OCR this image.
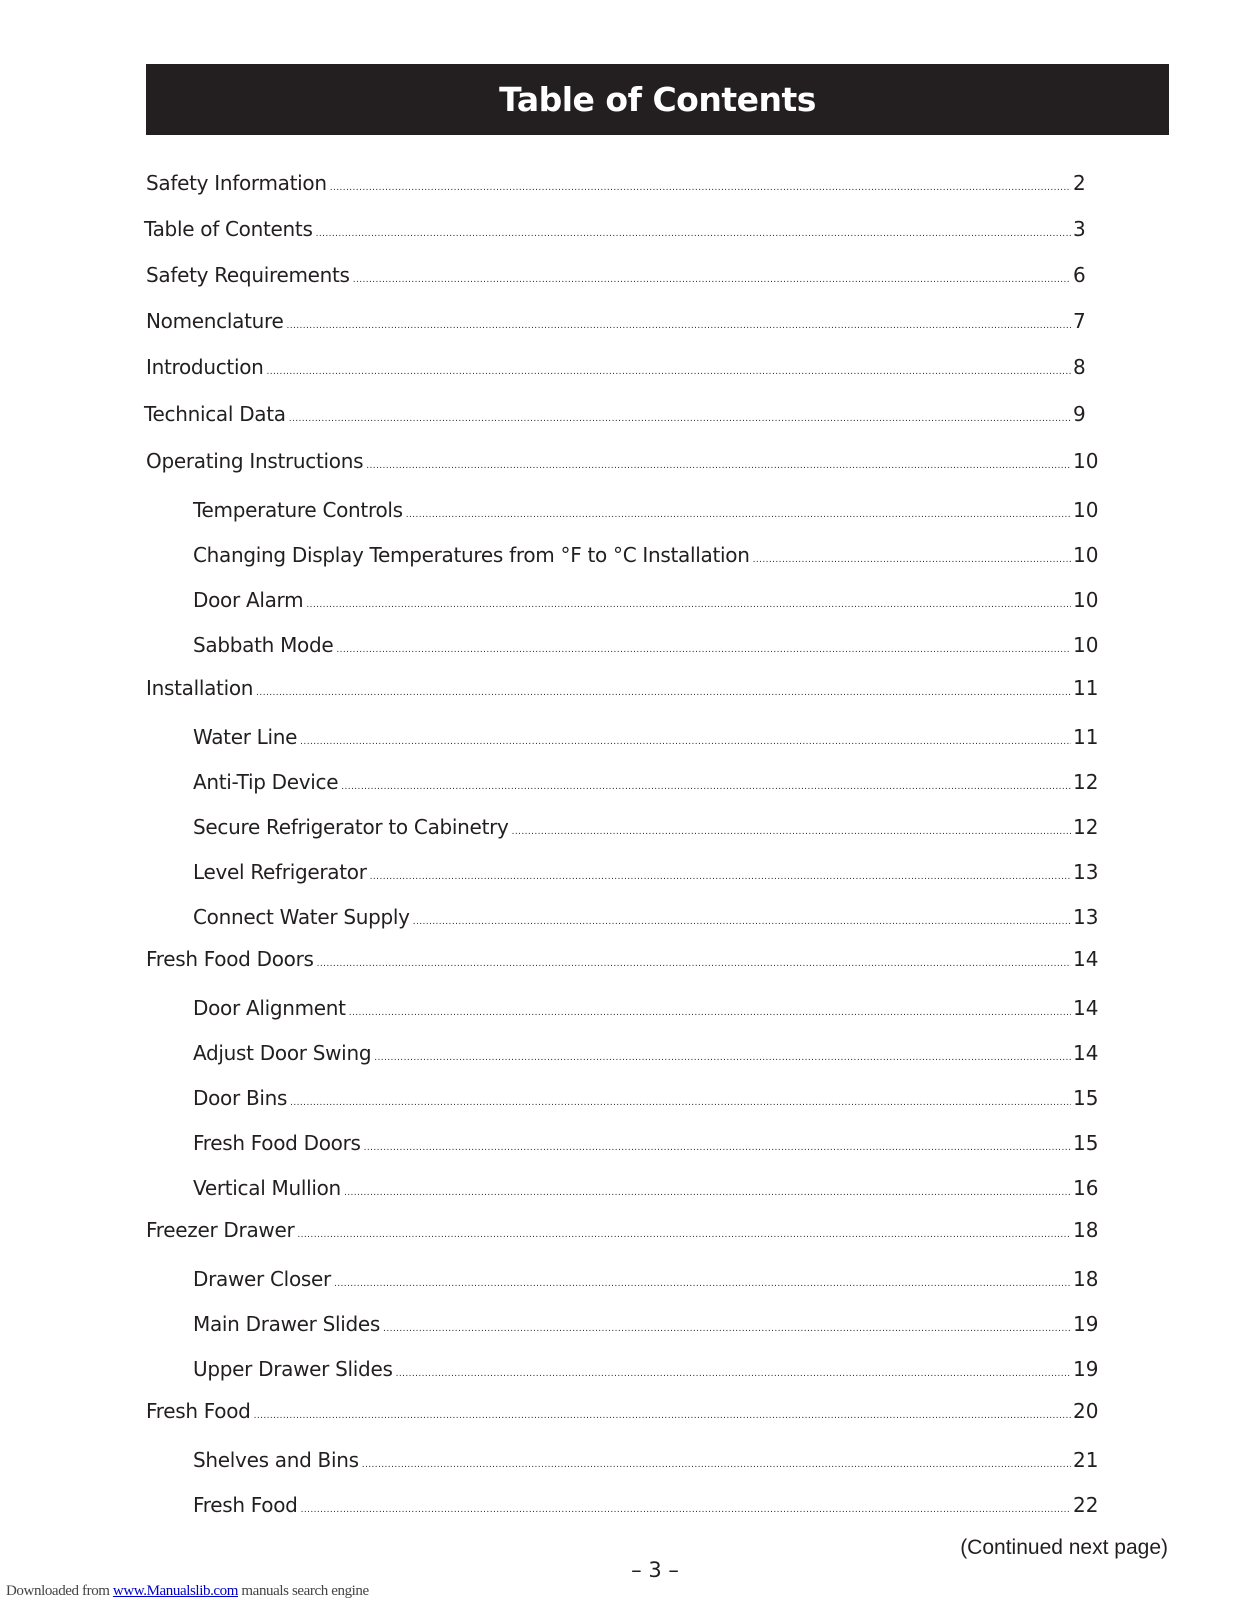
Table of Contents
Safety Information .....	2
Table of Contents .....	3
Safety Requirements .....	6
Nomenclature .....	7
Introduction .....	8
Technical Data .....	9
Operating Instructions .....	10
Temperature Controls .....	10
Changing Display Temperatures from °F to °C Installation .....	10
Door Alarm .....	10
Sabbath Mode .....	10
Installation .....	11
Water Line .....	11
Anti-Tip Device .....	12
Secure Refrigerator to Cabinetry .....	12
Level Refrigerator .....	13
Connect Water Supply .....	13
Fresh Food Doors .....	14
Door Alignment .....	14
Adjust Door Swing .....	14
Door Bins .....	15
Fresh Food Doors .....	15
Vertical Mullion .....	16
Freezer Drawer .....	18
Drawer Closer .....	18
Main Drawer Slides .....	19
Upper Drawer Slides .....	19
Fresh Food .....	20
Shelves and Bins .....	21
Fresh Food .....	22
(Continued next page)
– 3 –
Downloaded from www.Manualslib.com manuals search engine
